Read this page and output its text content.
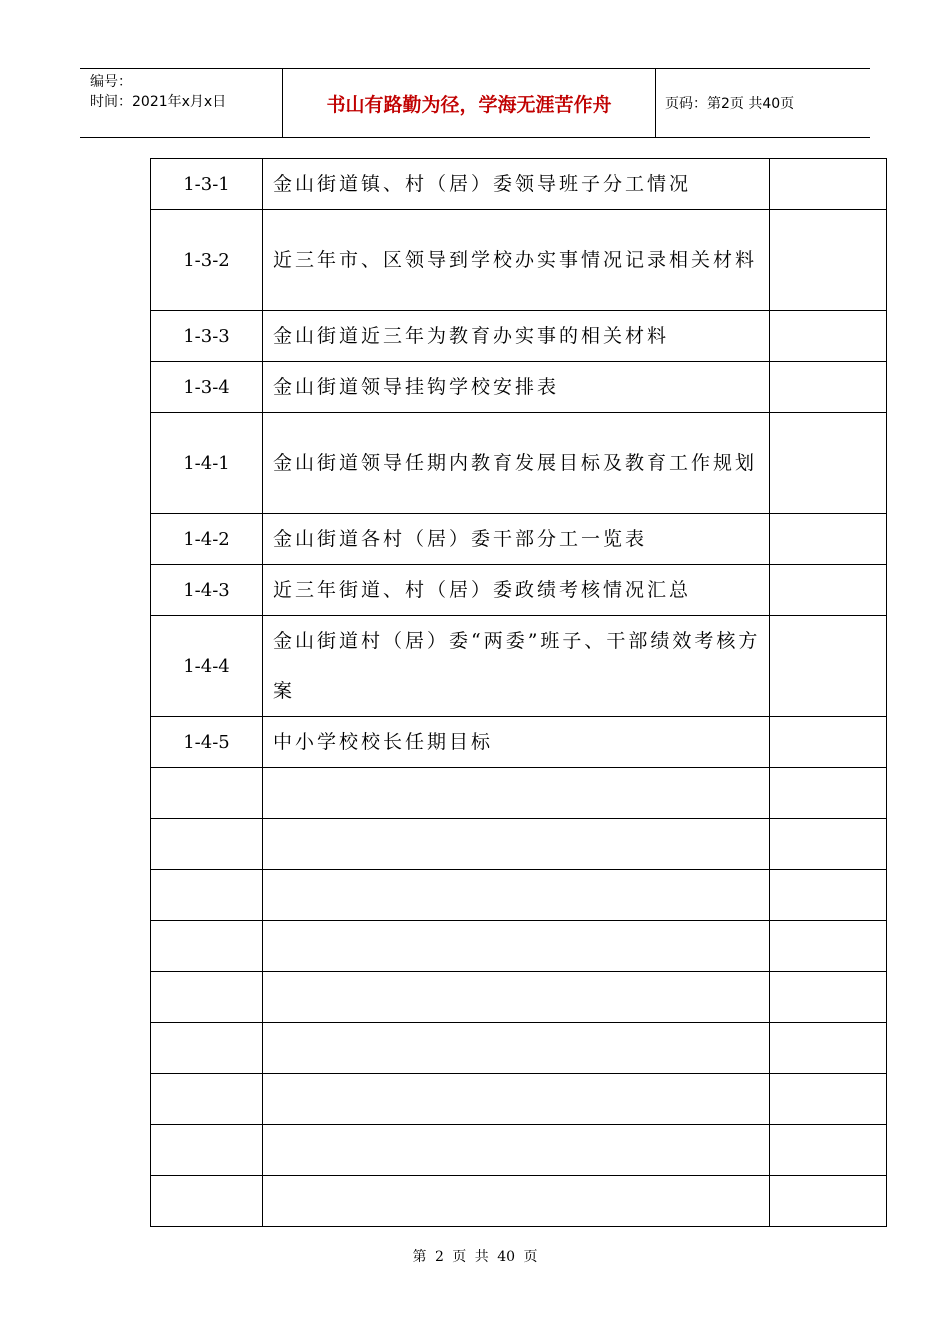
编号：
时间：2021年x月x日	书山有路勤为径，学海无涯苦作舟	页码：第2页 共40页
1-3-1	金山街道镇、村（居）委领导班子分工情况	
1-3-2	近三年市、区领导到学校办实事情况记录相关材料	
1-3-3	金山街道近三年为教育办实事的相关材料	
1-3-4	金山街道领导挂钩学校安排表	
1-4-1	金山街道领导任期内教育发展目标及教育工作规划	
1-4-2	金山街道各村（居）委干部分工一览表	
1-4-3	近三年街道、村（居）委政绩考核情况汇总	
1-4-4	金山街道村（居）委“两委”班子、干部绩效考核方案	
1-4-5	中小学校校长任期目标	

第 2 页 共 40 页
